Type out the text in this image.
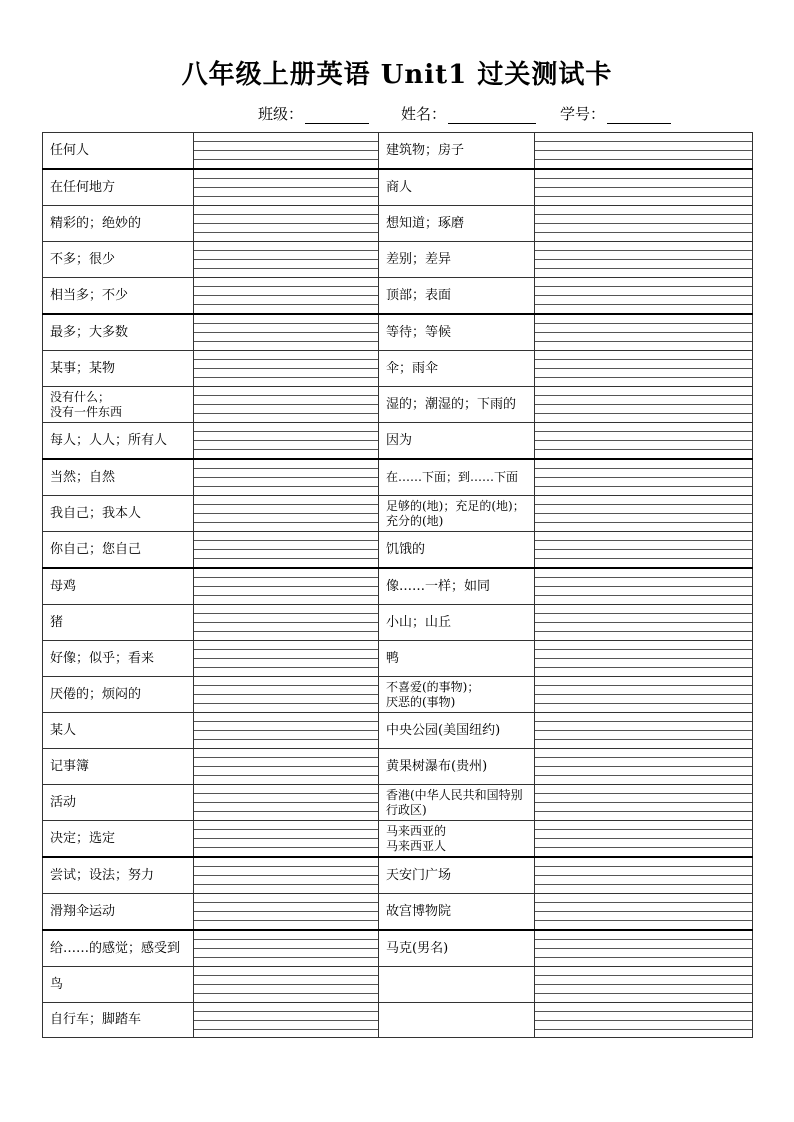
八年级上册英语 Unit1 过关测试卡
班级：	姓名：	学号：
任何人		建筑物；房子	

在任何地方		商人	

精彩的；绝妙的		想知道；琢磨	

不多；很少		差别；差异	

相当多；不少		顶部；表面	

最多；大多数		等待；等候	

某事；某物		伞；雨伞	

没有什么；
没有一件东西		湿的；潮湿的；下雨的	

每人；人人；所有人		因为	

当然；自然		在……下面；到……下面	

我自己；我本人		足够的(地)；充足的(地)；充分的(地)	

你自己；您自己		饥饿的	

母鸡		像……一样；如同	

猪		小山；山丘	

好像；似乎；看来		鸭	

厌倦的；烦闷的		不喜爱(的事物)；
厌恶的(事物)	

某人		中央公园(美国纽约)	

记事簿		黄果树瀑布(贵州)	

活动		香港(中华人民共和国特别行政区)	

决定；选定		马来西亚的
马来西亚人	

尝试；设法；努力		天安门广场	

滑翔伞运动		故宫博物院	

给……的感觉；感受到		马克(男名)	

鸟	

自行车；脚踏车	
